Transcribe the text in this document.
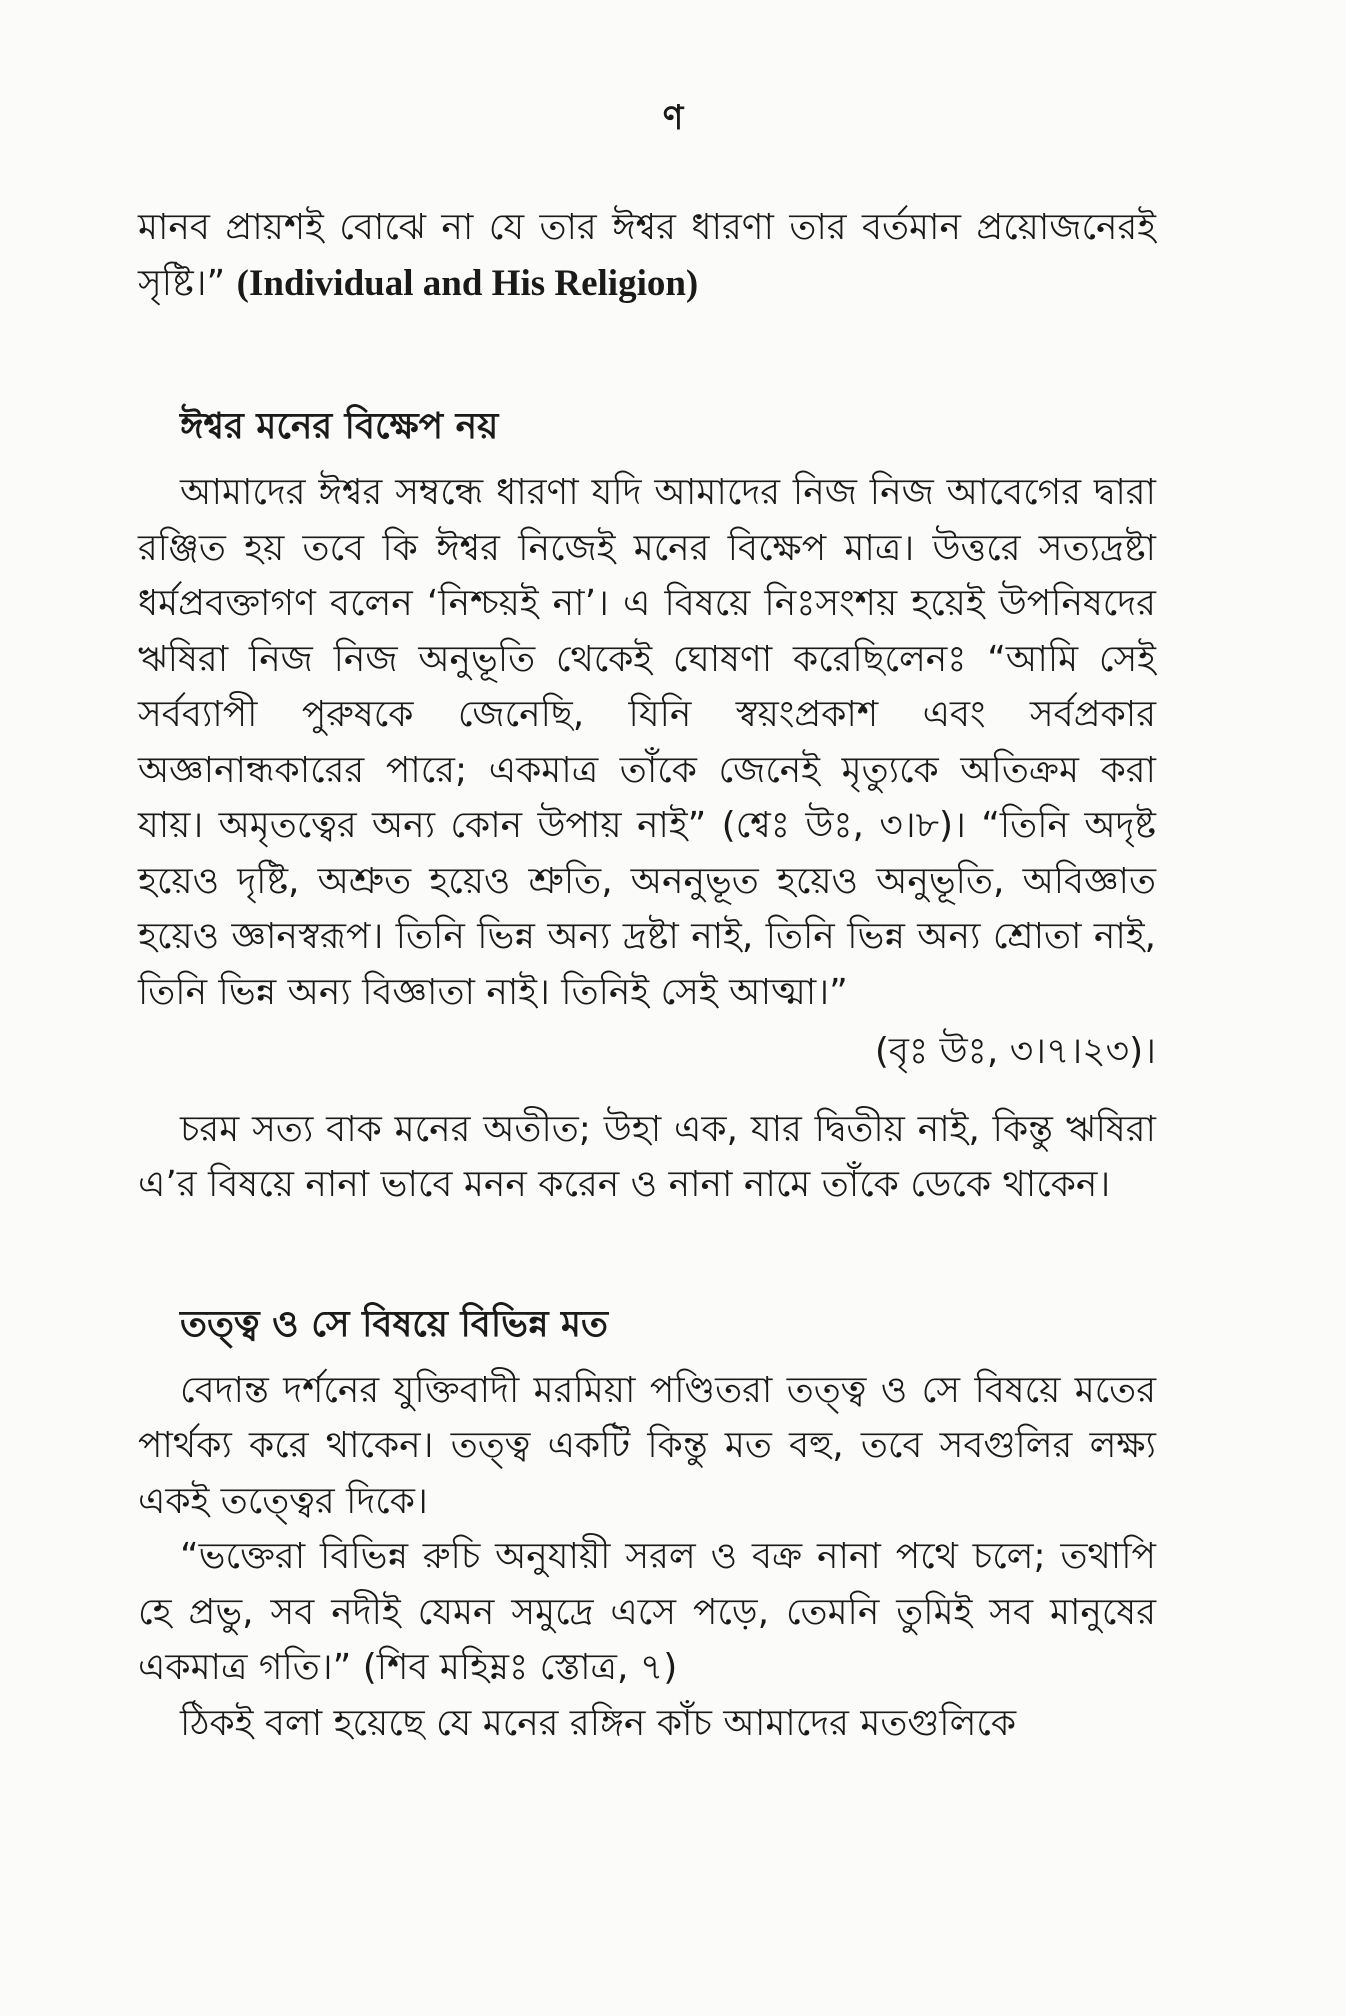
ণ

মানব প্রায়শই বোঝে না যে তার ঈশ্বর ধারণা তার বর্তমান প্রয়োজনেরই সৃষ্টি।” (Individual and His Religion)

ঈশ্বর মনের বিক্ষেপ নয়

আমাদের ঈশ্বর সম্বন্ধে ধারণা যদি আমাদের নিজ নিজ আবেগের দ্বারা রঞ্জিত হয় তবে কি ঈশ্বর নিজেই মনের বিক্ষেপ মাত্র। উত্তরে সত্যদ্রষ্টা ধর্মপ্রবক্তাগণ বলেন ‘নিশ্চয়ই না’। এ বিষয়ে নিঃসংশয় হয়েই উপনিষদের ঋষিরা নিজ নিজ অনুভূতি থেকেই ঘোষণা করেছিলেনঃ “আমি সেই সর্বব্যাপী পুরুষকে জেনেছি, যিনি স্বয়ংপ্রকাশ এবং সর্বপ্রকার অজ্ঞানান্ধকারের পারে; একমাত্র তাঁকে জেনেই মৃত্যুকে অতিক্রম করা যায়। অমৃতত্বের অন্য কোন উপায় নাই” (শ্বেঃ উঃ, ৩।৮)। “তিনি অদৃষ্ট হয়েও দৃষ্টি, অশ্রুত হয়েও শ্রুতি, অননুভূত হয়েও অনুভূতি, অবিজ্ঞাত হয়েও জ্ঞানস্বরূপ। তিনি ভিন্ন অন্য দ্রষ্টা নাই, তিনি ভিন্ন অন্য শ্রোতা নাই, তিনি ভিন্ন অন্য বিজ্ঞাতা নাই। তিনিই সেই আত্মা।”

(বৃঃ উঃ, ৩।৭।২৩)।

চরম সত্য বাক মনের অতীত; উহা এক, যার দ্বিতীয় নাই, কিন্তু ঋষিরা এ’র বিষয়ে নানা ভাবে মনন করেন ও নানা নামে তাঁকে ডেকে থাকেন।

তত্ত্ব ও সে বিষয়ে বিভিন্ন মত

বেদান্ত দর্শনের যুক্তিবাদী মরমিয়া পণ্ডিতরা তত্ত্ব ও সে বিষয়ে মতের পার্থক্য করে থাকেন। তত্ত্ব একটি কিন্তু মত বহু, তবে সবগুলির লক্ষ্য একই তত্ত্বের দিকে।

“ভক্তেরা বিভিন্ন রুচি অনুযায়ী সরল ও বক্র নানা পথে চলে; তথাপি হে প্রভু, সব নদীই যেমন সমুদ্রে এসে পড়ে, তেমনি তুমিই সব মানুষের একমাত্র গতি।” (শিব মহিম্নঃ স্তোত্র, ৭)

ঠিকই বলা হয়েছে যে মনের রঙ্গিন কাঁচ আমাদের মতগুলিকে
